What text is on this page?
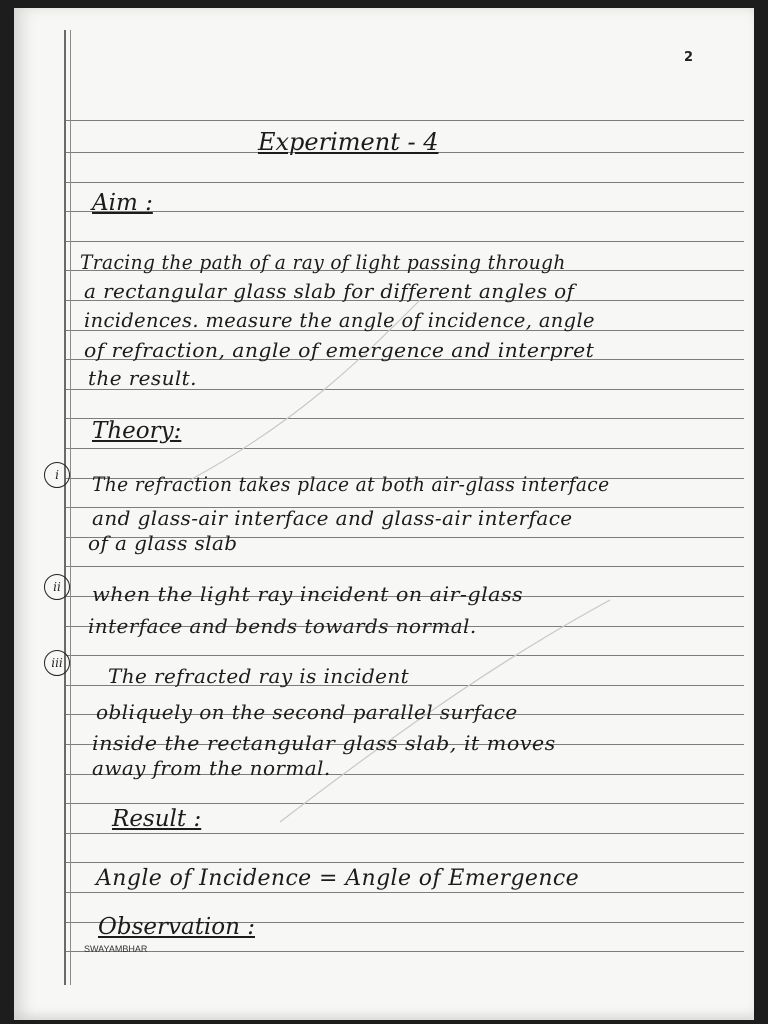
2
Experiment - 4
Aim :
Tracing the path of a ray of light passing through
a rectangular glass slab for different angles of
incidences. measure the angle of incidence, angle
of refraction, angle of emergence and interpret
the result.
Theory:
i	The refraction takes place at both air-glass interface
and glass-air interface and glass-air interface
of a glass slab
ii	when the light ray incident on air-glass
interface and bends towards normal.
iii
The refracted ray is incident
obliquely on the second parallel surface
inside the rectangular glass slab, it moves
away from the normal.
Result :
Angle of Incidence = Angle of Emergence
Observation :
SWAYAMBHAR
